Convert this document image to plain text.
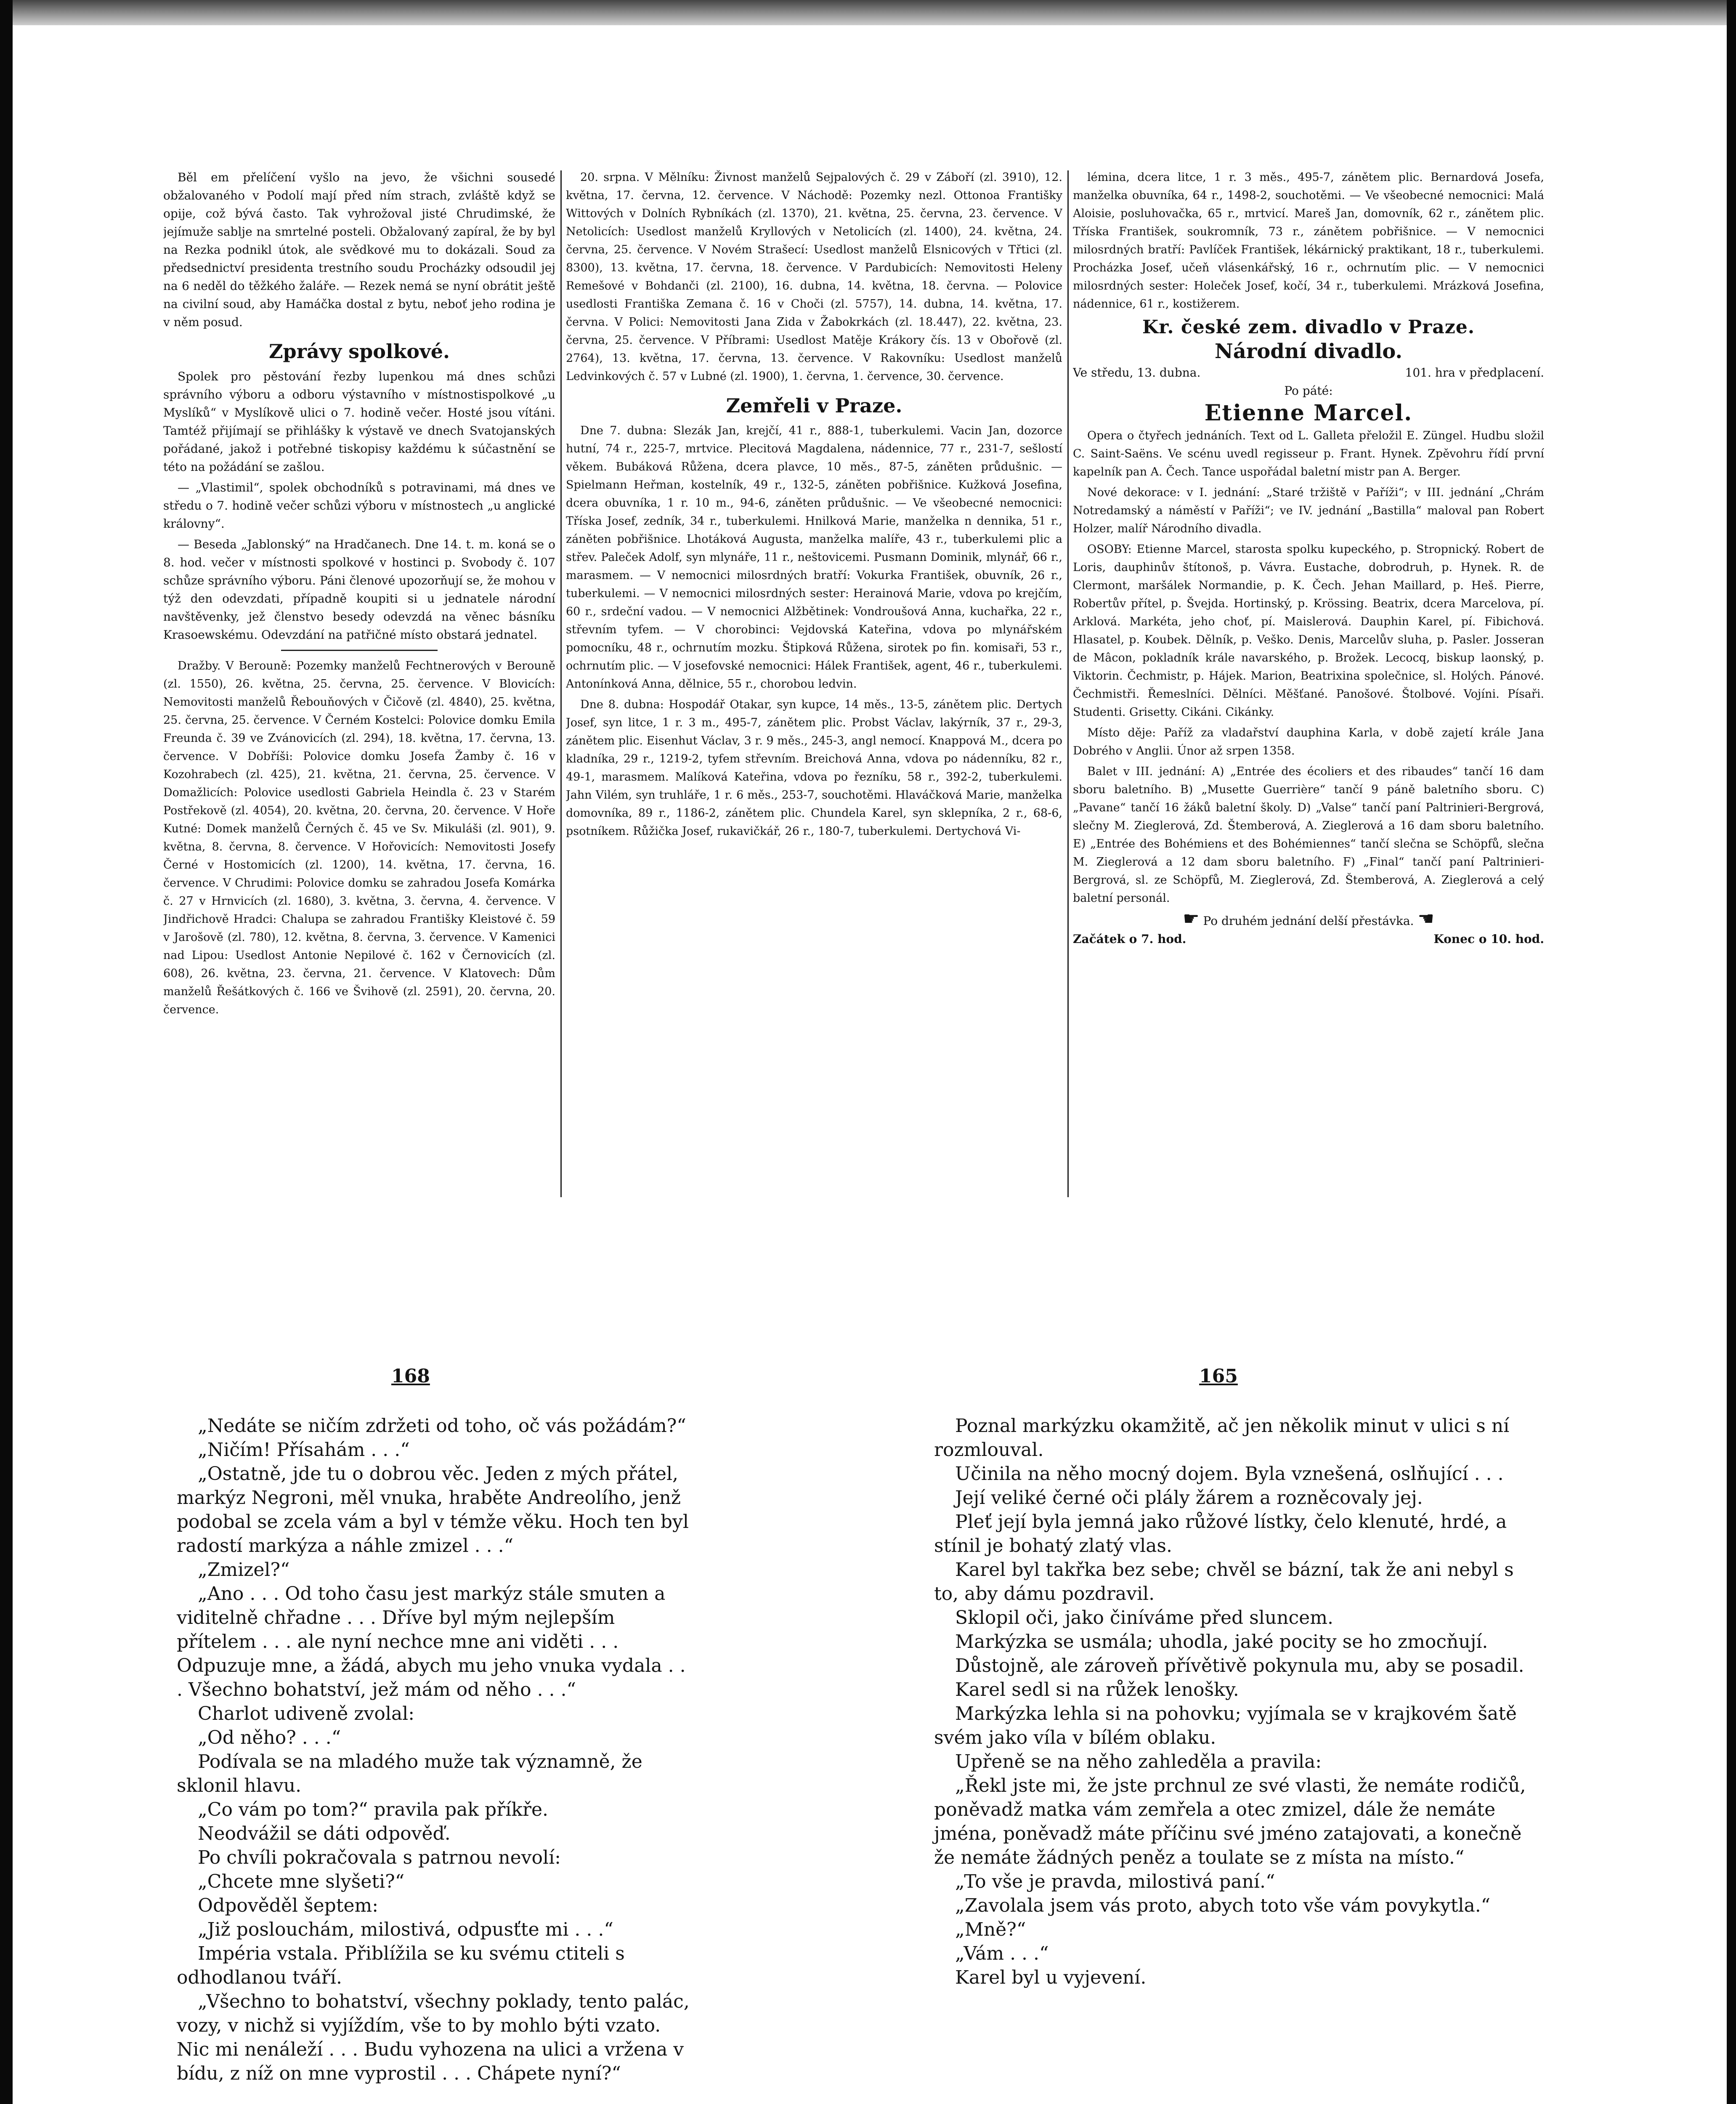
Běl em přelíčení vyšlo na jevo, že všichni sousedé obžalovaného v Podolí mají před ním strach, zvláště když se opije, což bývá často. Tak vyhrožoval jisté Chrudimské, že jejímuže sablje na smrtelné posteli. Obžalovaný zapíral, že by byl na Rezka podnikl útok, ale svědkové mu to dokázali. Soud za předsednictví presidenta trestního soudu Procházky odsoudil jej na 6 neděl do těžkého žaláře. — Rezek nemá se nyní obrátit ještě na civilní soud, aby Hamáčka dostal z bytu, neboť jeho rodina je v něm posud.

Zprávy spolkové.

Spolek pro pěstování řezby lupenkou má dnes schůzi správního výboru a odboru výstavního v místnostispolkové „u Myslíků“ v Myslíkově ulici o 7. hodině večer. Hosté jsou vítáni. Tamtéž přijímají se přihlášky k výstavě ve dnech Svatojanských pořádané, jakož i potřebné tiskopisy každému k súčastnění se této na požádání se zašlou.

— „Vlastimil“, spolek obchodníků s potravinami, má dnes ve středu o 7. hodině večer schůzi výboru v místnostech „u anglické královny“.

— Beseda „Jablonský“ na Hradčanech. Dne 14. t. m. koná se o 8. hod. večer v místnosti spolkové v hostinci p. Svobody č. 107 schůze správního výboru. Páni členové upozorňují se, že mohou v týž den odevzdati, případně koupiti si u jednatele národní navštěvenky, jež členstvo besedy odevzdá na věnec básníku Krasoewskému. Odevzdání na patřičné místo obstará jednatel.

Dražby. V Berouně: Pozemky manželů Fechtnerových v Berouně (zl. 1550), 26. května, 25. června, 25. července. V Blovicích: Nemovitosti manželů Řebouňových v Čičově (zl. 4840), 25. května, 25. června, 25. července. V Černém Kostelci: Polovice domku Emila Freunda č. 39 ve Zvánovicích (zl. 294), 18. května, 17. června, 13. července. V Dobříši: Polovice domku Josefa Žamby č. 16 v Kozohrabech (zl. 425), 21. května, 21. června, 25. července. V Domažlicích: Polovice usedlosti Gabriela Heindla č. 23 v Starém Postřekově (zl. 4054), 20. května, 20. června, 20. července. V Hoře Kutné: Domek manželů Černých č. 45 ve Sv. Mikuláši (zl. 901), 9. května, 8. června, 8. července. V Hořovicích: Nemovitosti Josefy Černé v Hostomicích (zl. 1200), 14. května, 17. června, 16. července. V Chrudimi: Polovice domku se zahradou Josefa Komárka č. 27 v Hrnvicích (zl. 1680), 3. května, 3. června, 4. července. V Jindřichově Hradci: Chalupa se zahradou Františky Kleistové č. 59 v Jarošově (zl. 780), 12. května, 8. června, 3. července. V Kamenici nad Lipou: Usedlost Antonie Nepilové č. 162 v Černovicích (zl. 608), 26. května, 23. června, 21. července. V Klatovech: Dům manželů Řešátkových č. 166 ve Švihově (zl. 2591), 20. června, 20. července.

20. srpna. V Mělníku: Živnost manželů Sejpalových č. 29 v Záboří (zl. 3910), 12. května, 17. června, 12. července. V Náchodě: Pozemky nezl. Ottonoa Františky Wittových v Dolních Rybníkách (zl. 1370), 21. května, 25. června, 23. července. V Netolicích: Usedlost manželů Kryllových v Netolicích (zl. 1400), 24. května, 24. června, 25. července. V Novém Strašecí: Usedlost manželů Elsnicových v Třtici (zl. 8300), 13. května, 17. června, 18. července. V Pardubicích: Nemovitosti Heleny Remešové v Bohdanči (zl. 2100), 16. dubna, 14. května, 18. června. — Polovice usedlosti Františka Zemana č. 16 v Choči (zl. 5757), 14. dubna, 14. května, 17. června. V Polici: Nemovitosti Jana Zida v Žabokrkách (zl. 18.447), 22. května, 23. června, 25. července. V Příbrami: Usedlost Matěje Krákory čís. 13 v Obořově (zl. 2764), 13. května, 17. června, 13. července. V Rakovníku: Usedlost manželů Ledvinkových č. 57 v Lubné (zl. 1900), 1. června, 1. července, 30. července.

Zemřeli v Praze.

Dne 7. dubna: Slezák Jan, krejčí, 41 r., 888-1, tuberkulemi. Vacin Jan, dozorce hutní, 74 r., 225-7, mrtvice. Plecitová Magdalena, nádennice, 77 r., 231-7, sešlostí věkem. Bubáková Růžena, dcera plavce, 10 měs., 87-5, záněten průdušnic. — Spielmann Heřman, kostelník, 49 r., 132-5, záněten pobřišnice. Kužková Josefina, dcera obuvníka, 1 r. 10 m., 94-6, záněten průdušnic. — Ve všeobecné nemocnici: Tříska Josef, zedník, 34 r., tuberkulemi. Hnilková Marie, manželka n dennika, 51 r., záněten pobřišnice. Lhotáková Augusta, manželka malíře, 43 r., tuberkulemi plic a střev. Paleček Adolf, syn mlynáře, 11 r., neštovicemi. Pusmann Dominik, mlynář, 66 r., marasmem. — V nemocnici milosrdných bratří: Vokurka František, obuvník, 26 r., tuberkulemi. — V nemocnici milosrdných sester: Herainová Marie, vdova po krejčím, 60 r., srdeční vadou. — V nemocnici Alžbětinek: Vondroušová Anna, kuchařka, 22 r., střevním tyfem. — V chorobinci: Vejdovská Kateřina, vdova po mlynářském pomocníku, 48 r., ochrnutím mozku. Štipková Růžena, sirotek po fin. komisaři, 53 r., ochrnutím plic. — V josefovské nemocnici: Hálek František, agent, 46 r., tuberkulemi. Antonínková Anna, dělnice, 55 r., chorobou ledvin.

Dne 8. dubna: Hospodář Otakar, syn kupce, 14 měs., 13-5, zánětem plic. Dertych Josef, syn litce, 1 r. 3 m., 495-7, zánětem plic. Probst Václav, lakýrník, 37 r., 29-3, zánětem plic. Eisenhut Václav, 3 r. 9 měs., 245-3, angl nemocí. Knappová M., dcera po kladníka, 29 r., 1219-2, tyfem střevním. Breichová Anna, vdova po nádenníku, 82 r., 49-1, marasmem. Malíková Kateřina, vdova po řezníku, 58 r., 392-2, tuberkulemi. Jahn Vilém, syn truhláře, 1 r. 6 měs., 253-7, souchotěmi. Hlaváčková Marie, manželka domovníka, 89 r., 1186-2, zánětem plic. Chundela Karel, syn sklepníka, 2 r., 68-6, psotníkem. Růžička Josef, rukavičkář, 26 r., 180-7, tuberkulemi. Dertychová Vi-

lémina, dcera litce, 1 r. 3 měs., 495-7, zánětem plic. Bernardová Josefa, manželka obuvníka, 64 r., 1498-2, souchotěmi. — Ve všeobecné nemocnici: Malá Aloisie, posluhovačka, 65 r., mrtvicí. Mareš Jan, domovník, 62 r., zánětem plic. Tříska František, soukromník, 73 r., zánětem pobřišnice. — V nemocnici milosrdných bratří: Pavlíček František, lékárnický praktikant, 18 r., tuberkulemi. Procházka Josef, učeň vlásenkářský, 16 r., ochrnutím plic. — V nemocnici milosrdných sester: Holeček Josef, kočí, 34 r., tuberkulemi. Mrázková Josefina, nádennice, 61 r., kostižerem.

Kr. české zem. divadlo v Praze.
Národní divadlo.
Ve středu, 13. dubna.	101. hra v předplacení.
Po páté:
Etienne Marcel.

Opera o čtyřech jednáních. Text od L. Galleta přeložil E. Züngel. Hudbu složil C. Saint-Saëns. Ve scénu uvedl regisseur p. Frant. Hynek. Zpěvohru řídí první kapelník pan A. Čech. Tance uspořádal baletní mistr pan A. Berger.

Nové dekorace: v I. jednání: „Staré tržiště v Paříži“; v III. jednání „Chrám Notredamský a náměstí v Paříži“; ve IV. jednání „Bastilla“ maloval pan Robert Holzer, malíř Národního divadla.

OSOBY: Etienne Marcel, starosta spolku kupeckého, p. Stropnický. Robert de Loris, dauphinův štítonoš, p. Vávra. Eustache, dobrodruh, p. Hynek. R. de Clermont, maršálek Normandie, p. K. Čech. Jehan Maillard, p. Heš. Pierre, Robertův přítel, p. Švejda. Hortinský, p. Krössing. Beatrix, dcera Marcelova, pí. Arklová. Markéta, jeho choť, pí. Maislerová. Dauphin Karel, pí. Fibichová. Hlasatel, p. Koubek. Dělník, p. Veško. Denis, Marcelův sluha, p. Pasler. Josseran de Mâcon, pokladník krále navarského, p. Brožek. Lecocq, biskup laonský, p. Viktorin. Čechmistr, p. Hájek. Marion, Beatrixina společnice, sl. Holých. Pánové. Čechmistři. Řemeslníci. Dělníci. Měšťané. Panošové. Štolbové. Vojíni. Písaři. Studenti. Grisetty. Cikáni. Cikánky.

Místo děje: Paříž za vladařství dauphina Karla, v době zajetí krále Jana Dobrého v Anglii. Únor až srpen 1358.

Balet v III. jednání: A) „Entrée des écoliers et des ribaudes“ tančí 16 dam sboru baletního. B) „Musette Guerrière“ tančí 9 páně baletního sboru. C) „Pavane“ tančí 16 žáků baletní školy. D) „Valse“ tančí paní Paltrinieri-Bergrová, slečny M. Zieglerová, Zd. Štemberová, A. Zieglerová a 16 dam sboru baletního. E) „Entrée des Bohémiens et des Bohémiennes“ tančí slečna se Schöpfů, slečna M. Zieglerová a 12 dam sboru baletního. F) „Final“ tančí paní Paltrinieri-Bergrová, sl. ze Schöpfů, M. Zieglerová, Zd. Štemberová, A. Zieglerová a celý baletní personál.

☛ Po druhém jednání delší přestávka. ☚
Začátek o 7. hod.	Konec o 10. hod.
168	165

„Nedáte se ničím zdržeti od toho, oč vás požádám?“

„Ničím! Přísahám . . .“

„Ostatně, jde tu o dobrou věc. Jeden z mých přátel, markýz Negroni, měl vnuka, hraběte Andreolího, jenž podobal se zcela vám a byl v témže věku. Hoch ten byl radostí markýza a náhle zmizel . . .“

„Zmizel?“

„Ano . . . Od toho času jest markýz stále smuten a viditelně chřadne . . . Dříve byl mým nejlepším přítelem . . . ale nyní nechce mne ani viděti . . . Odpuzuje mne, a žádá, abych mu jeho vnuka vydala . . . Všechno bohatství, jež mám od něho . . .“

Charlot udiveně zvolal:

„Od něho? . . .“

Podívala se na mladého muže tak významně, že sklonil hlavu.

„Co vám po tom?“ pravila pak příkře.

Neodvážil se dáti odpověď.

Po chvíli pokračovala s patrnou nevolí:

„Chcete mne slyšeti?“

Odpověděl šeptem:

„Již poslouchám, milostivá, odpusťte mi . . .“

Impéria vstala. Přiblížila se ku svému ctiteli s odhodlanou tváří.

„Všechno to bohatství, všechny poklady, tento palác, vozy, v nichž si vyjíždím, vše to by mohlo býti vzato. Nic mi nenáleží . . . Budu vyhozena na ulici a vržena v bídu, z níž on mne vyprostil . . . Chápete nyní?“

Poznal markýzku okamžitě, ač jen několik minut v ulici s ní rozmlouval.

Učinila na něho mocný dojem. Byla vznešená, oslňující . . .

Její veliké černé oči plály žárem a rozněcovaly jej.

Pleť její byla jemná jako růžové lístky, čelo klenuté, hrdé, a stínil je bohatý zlatý vlas.

Karel byl takřka bez sebe; chvěl se bázní, tak že ani nebyl s to, aby dámu pozdravil.

Sklopil oči, jako činíváme před sluncem.

Markýzka se usmála; uhodla, jaké pocity se ho zmocňují.

Důstojně, ale zároveň přívětivě pokynula mu, aby se posadil.

Karel sedl si na růžek lenošky.

Markýzka lehla si na pohovku; vyjímala se v krajkovém šatě svém jako víla v bílém oblaku.

Upřeně se na něho zahleděla a pravila:

„Řekl jste mi, že jste prchnul ze své vlasti, že nemáte rodičů, poněvadž matka vám zemřela a otec zmizel, dále že nemáte jména, poněvadž máte příčinu své jméno zatajovati, a konečně že nemáte žádných peněz a toulate se z místa na místo.“

„To vše je pravda, milostivá paní.“

„Zavolala jsem vás proto, abych toto vše vám povykytla.“

„Mně?“

„Vám . . .“

Karel byl u vyjevení.
